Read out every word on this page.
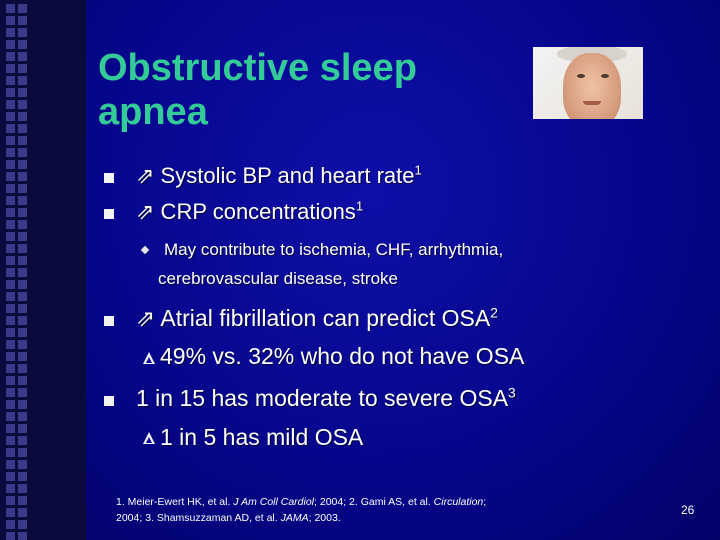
Obstructive sleep
apnea
⇗ Systolic BP and heart rate$^1$
⇗ CRP concentrations$^1$
May contribute to ischemia, CHF, arrhythmia,
cerebrovascular disease, stroke
⇗ Atrial fibrillation can predict OSA$^2$
49% vs. 32% who do not have OSA
1 in 15 has moderate to severe OSA$^3$
1 in 5 has mild OSA
1. Meier-Ewert HK, et al. J Am Coll Cardiol; 2004; 2. Gami AS, et al. Circulation;
2004; 3. Shamsuzzaman AD, et al. JAMA; 2003.
26
